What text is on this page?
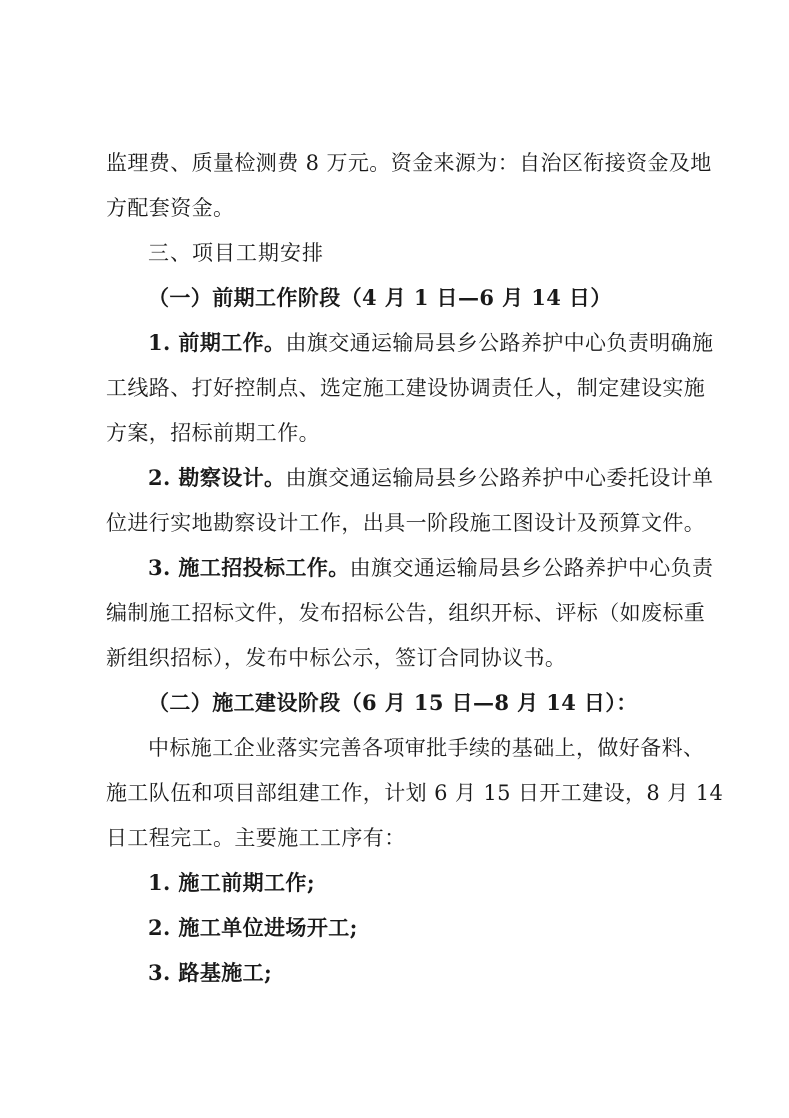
监理费、质量检测费 8 万元。资金来源为：自治区衔接资金及地
方配套资金。
三、项目工期安排
（一）前期工作阶段（4 月 1 日—6 月 14 日）
1. 前期工作。由旗交通运输局县乡公路养护中心负责明确施
工线路、打好控制点、选定施工建设协调责任人，制定建设实施
方案，招标前期工作。
2. 勘察设计。由旗交通运输局县乡公路养护中心委托设计单
位进行实地勘察设计工作，出具一阶段施工图设计及预算文件。
3. 施工招投标工作。由旗交通运输局县乡公路养护中心负责
编制施工招标文件，发布招标公告，组织开标、评标（如废标重
新组织招标），发布中标公示，签订合同协议书。
（二）施工建设阶段（6 月 15 日—8 月 14 日）：
中标施工企业落实完善各项审批手续的基础上，做好备料、
施工队伍和项目部组建工作，计划 6 月 15 日开工建设，8 月 14
日工程完工。主要施工工序有：
1. 施工前期工作;
2. 施工单位进场开工;
3. 路基施工;
